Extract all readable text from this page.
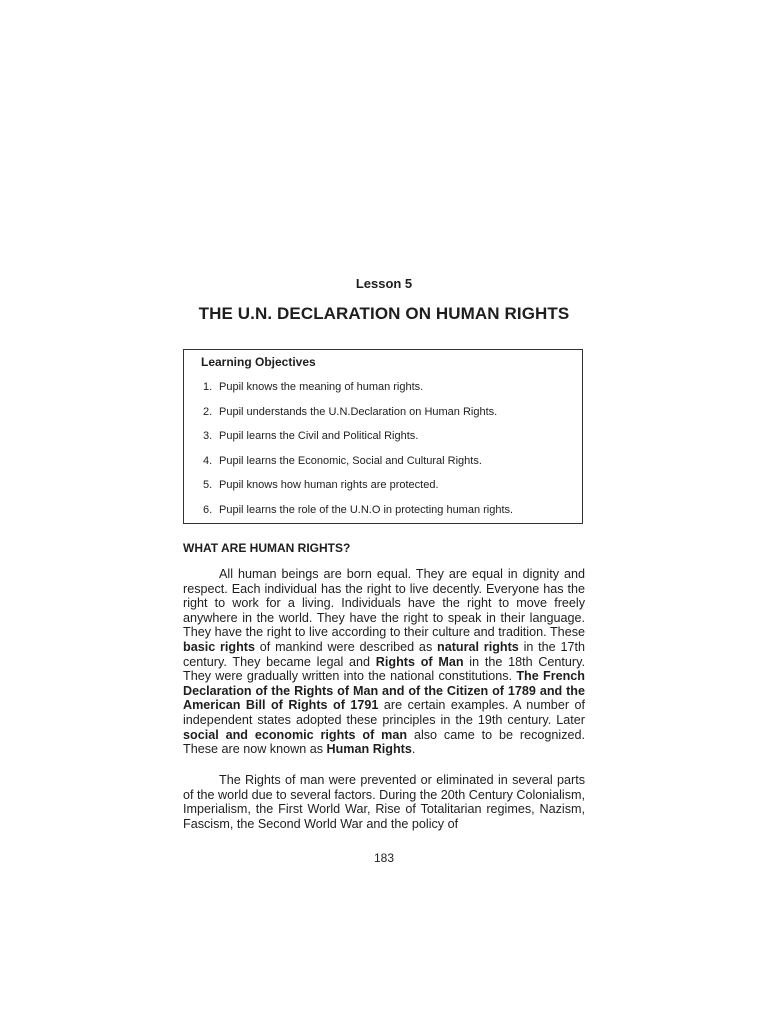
Lesson 5
THE U.N. DECLARATION ON HUMAN RIGHTS
Learning Objectives
1. Pupil knows the meaning of human rights.
2. Pupil understands the U.N.Declaration on Human Rights.
3. Pupil learns the Civil and Political Rights.
4. Pupil learns the Economic, Social and Cultural Rights.
5. Pupil knows how human rights are protected.
6. Pupil learns the role of the U.N.O in protecting human rights.
WHAT ARE HUMAN RIGHTS?

All human beings are born equal. They are equal in dignity and respect. Each individual has the right to live decently. Everyone has the right to work for a living. Individuals have the right to move freely anywhere in the world. They have the right to speak in their language. They have the right to live according to their culture and tradition. These basic rights of mankind were described as natural rights in the 17th century. They became legal and Rights of Man in the 18th Century. They were gradually written into the national constitutions. The French Declaration of the Rights of Man and of the Citizen of 1789 and the American Bill of Rights of 1791 are certain examples. A number of independent states adopted these principles in the 19th century. Later social and economic rights of man also came to be recognized. These are now known as Human Rights.

The Rights of man were prevented or eliminated in several parts of the world due to several factors. During the 20th Century Colonialism, Imperialism, the First World War, Rise of Totalitarian regimes, Nazism, Fascism, the Second World War and the policy of

183
